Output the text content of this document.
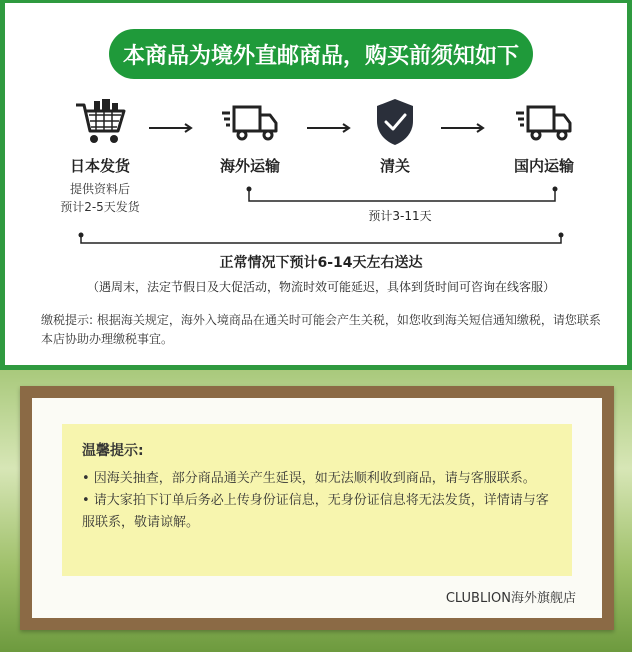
本商品为境外直邮商品，购买前须知如下
日本发货
提供资料后
预计2-5天发货
海外运输	清关	国内运输
预计3-11天
正常情况下预计6-14天左右送达
（遇周末，法定节假日及大促活动，物流时效可能延迟，具体到货时间可咨询在线客服）
缴税提示: 根据海关规定，海外入境商品在通关时可能会产生关税，如您收到海关短信通知缴税，请您联系本店协助办理缴税事宜。
温馨提示:
• 因海关抽查，部分商品通关产生延误，如无法顺利收到商品，请与客服联系。
• 请大家拍下订单后务必上传身份证信息，无身份证信息将无法发货，详情请与客服联系，敬请谅解。
CLUBLION海外旗舰店
